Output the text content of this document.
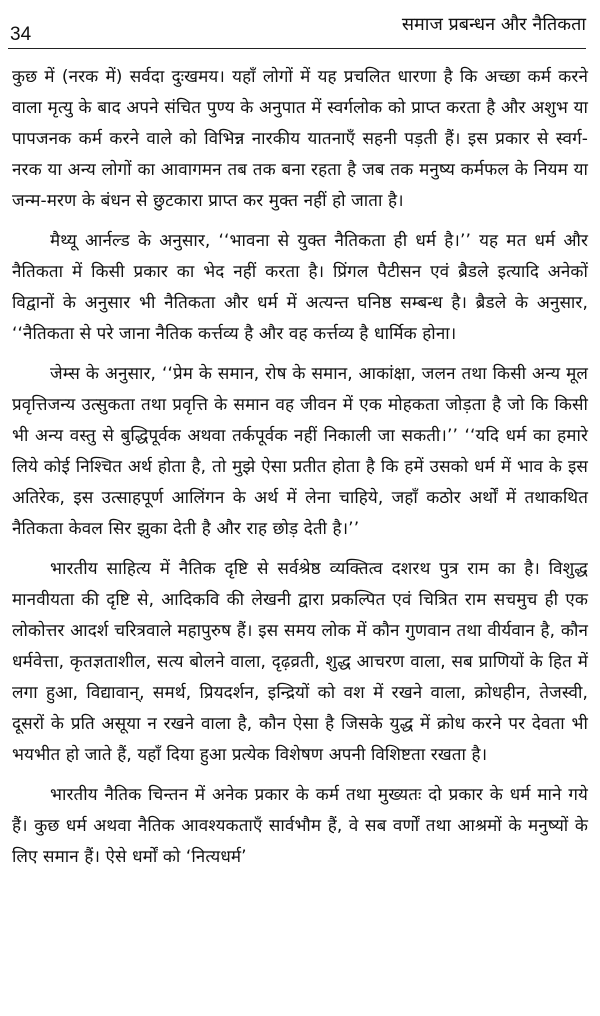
34	समाज प्रबन्धन और नैतिकता

कुछ में (नरक में) सर्वदा दुःखमय। यहाँ लोगों में यह प्रचलित धारणा है कि अच्छा कर्म करने वाला मृत्यु के बाद अपने संचित पुण्य के अनुपात में स्वर्गलोक को प्राप्त करता है और अशुभ या पापजनक कर्म करने वाले को विभिन्न नारकीय यातनाएँ सहनी पड़ती हैं। इस प्रकार से स्वर्ग-नरक या अन्य लोगों का आवागमन तब तक बना रहता है जब तक मनुष्य कर्मफल के नियम या जन्म-मरण के बंधन से छुटकारा प्राप्त कर मुक्त नहीं हो जाता है।

मैथ्यू आर्नल्ड के अनुसार, ‘‘भावना से युक्त नैतिकता ही धर्म है।’’ यह मत धर्म और नैतिकता में किसी प्रकार का भेद नहीं करता है। प्रिंगल पैटीसन एवं ब्रैडले इत्यादि अनेकों विद्वानों के अनुसार भी नैतिकता और धर्म में अत्यन्त घनिष्ठ सम्बन्ध है। ब्रैडले के अनुसार, ‘‘नैतिकता से परे जाना नैतिक कर्त्तव्य है और वह कर्त्तव्य है धार्मिक होना।

जेम्स के अनुसार, ‘‘प्रेम के समान, रोष के समान, आकांक्षा, जलन तथा किसी अन्य मूल प्रवृत्तिजन्य उत्सुकता तथा प्रवृत्ति के समान वह जीवन में एक मोहकता जोड़ता है जो कि किसी भी अन्य वस्तु से बुद्धिपूर्वक अथवा तर्कपूर्वक नहीं निकाली जा सकती।’’ ‘‘यदि धर्म का हमारे लिये कोई निश्चित अर्थ होता है, तो मुझे ऐसा प्रतीत होता है कि हमें उसको धर्म में भाव के इस अतिरेक, इस उत्साहपूर्ण आलिंगन के अर्थ में लेना चाहिये, जहाँ कठोर अर्थों में तथाकथित नैतिकता केवल सिर झुका देती है और राह छोड़ देती है।’’

भारतीय साहित्य में नैतिक दृष्टि से सर्वश्रेष्ठ व्यक्तित्व दशरथ पुत्र राम का है। विशुद्ध मानवीयता की दृष्टि से, आदिकवि की लेखनी द्वारा प्रकल्पित एवं चित्रित राम सचमुच ही एक लोकोत्तर आदर्श चरित्रवाले महापुरुष हैं। इस समय लोक में कौन गुणवान तथा वीर्यवान है, कौन धर्मवेत्ता, कृतज्ञताशील, सत्य बोलने वाला, दृढ़व्रती, शुद्ध आचरण वाला, सब प्राणियों के हित में लगा हुआ, विद्यावान्, समर्थ, प्रियदर्शन, इन्द्रियों को वश में रखने वाला, क्रोधहीन, तेजस्वी, दूसरों के प्रति असूया न रखने वाला है, कौन ऐसा है जिसके युद्ध में क्रोध करने पर देवता भी भयभीत हो जाते हैं, यहाँ दिया हुआ प्रत्येक विशेषण अपनी विशिष्टता रखता है।

भारतीय नैतिक चिन्तन में अनेक प्रकार के कर्म तथा मुख्यतः दो प्रकार के धर्म माने गये हैं। कुछ धर्म अथवा नैतिक आवश्यकताएँ सार्वभौम हैं, वे सब वर्णों तथा आश्रमों के मनुष्यों के लिए समान हैं। ऐसे धर्मों को ‘नित्यधर्म’
